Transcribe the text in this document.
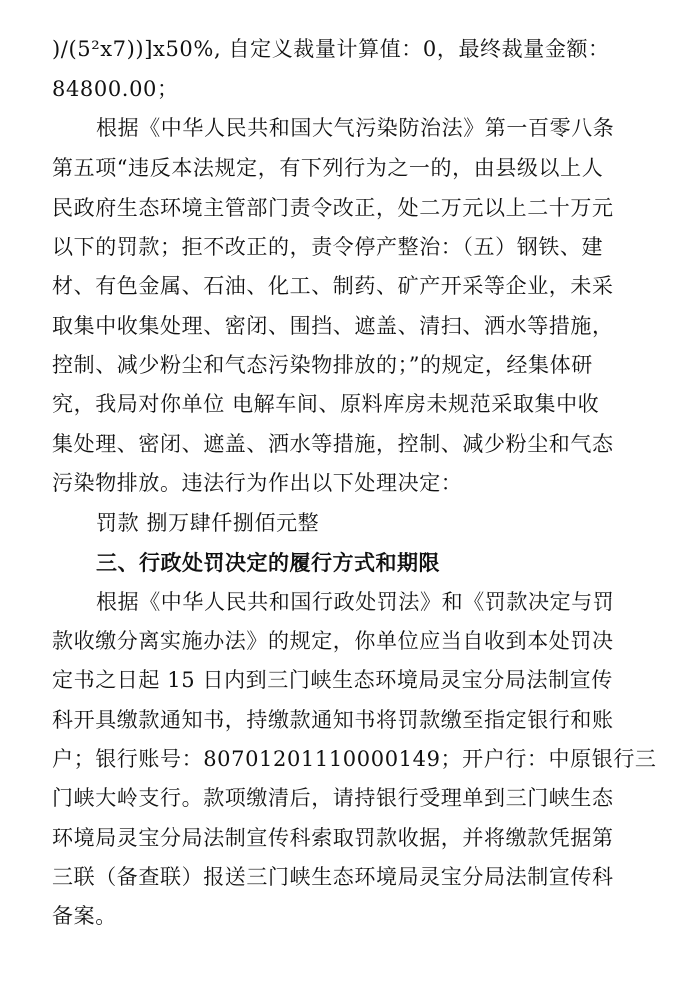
)/(5²x7))]x50%, 自定义裁量计算值：0，最终裁量金额：
84800.00；
根据《中华人民共和国大气污染防治法》第一百零八条
第五项“违反本法规定，有下列行为之一的，由县级以上人
民政府生态环境主管部门责令改正，处二万元以上二十万元
以下的罚款；拒不改正的，责令停产整治：（五）钢铁、建
材、有色金属、石油、化工、制药、矿产开采等企业，未采
取集中收集处理、密闭、围挡、遮盖、清扫、洒水等措施，
控制、减少粉尘和气态污染物排放的；”的规定，经集体研
究，我局对你单位 电解车间、原料库房未规范采取集中收
集处理、密闭、遮盖、洒水等措施，控制、减少粉尘和气态
污染物排放。违法行为作出以下处理决定：
罚款 捌万肆仟捌佰元整
三、行政处罚决定的履行方式和期限
根据《中华人民共和国行政处罚法》和《罚款决定与罚
款收缴分离实施办法》的规定，你单位应当自收到本处罚决
定书之日起 15 日内到三门峡生态环境局灵宝分局法制宣传
科开具缴款通知书，持缴款通知书将罚款缴至指定银行和账
户；银行账号：80701201110000149；开户行：中原银行三
门峡大岭支行。款项缴清后，请持银行受理单到三门峡生态
环境局灵宝分局法制宣传科索取罚款收据，并将缴款凭据第
三联（备查联）报送三门峡生态环境局灵宝分局法制宣传科
备案。
